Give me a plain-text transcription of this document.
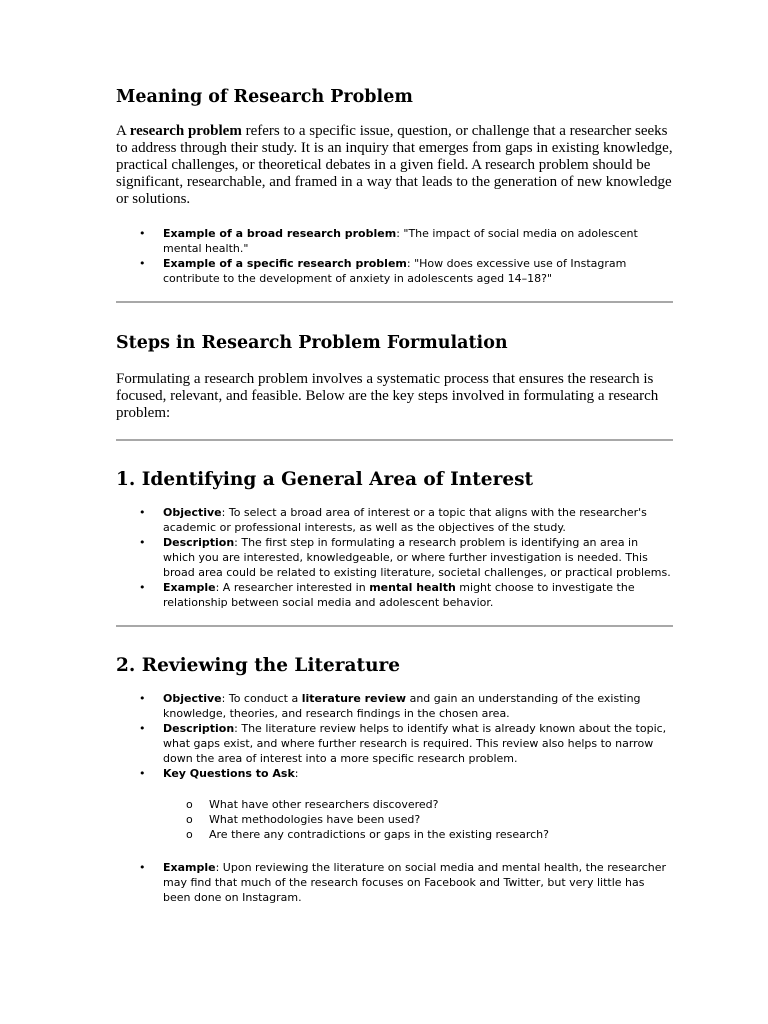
Meaning of Research Problem

A research problem refers to a specific issue, question, or challenge that a researcher seeks to address through their study. It is an inquiry that emerges from gaps in existing knowledge, practical challenges, or theoretical debates in a given field. A research problem should be significant, researchable, and framed in a way that leads to the generation of new knowledge or solutions.

• Example of a broad research problem: "The impact of social media on adolescent mental health."
• Example of a specific research problem: "How does excessive use of Instagram contribute to the development of anxiety in adolescents aged 14–18?"
Steps in Research Problem Formulation

Formulating a research problem involves a systematic process that ensures the research is focused, relevant, and feasible. Below are the key steps involved in formulating a research problem:

1. Identifying a General Area of Interest
• Objective: To select a broad area of interest or a topic that aligns with the researcher's academic or professional interests, as well as the objectives of the study.
• Description: The first step in formulating a research problem is identifying an area in which you are interested, knowledgeable, or where further investigation is needed. This broad area could be related to existing literature, societal challenges, or practical problems.
• Example: A researcher interested in mental health might choose to investigate the relationship between social media and adolescent behavior.
2. Reviewing the Literature
• Objective: To conduct a literature review and gain an understanding of the existing knowledge, theories, and research findings in the chosen area.
• Description: The literature review helps to identify what is already known about the topic, what gaps exist, and where further research is required. This review also helps to narrow down the area of interest into a more specific research problem.
• Key Questions to Ask:
o What have other researchers discovered?
o What methodologies have been used?
o Are there any contradictions or gaps in the existing research?
• Example: Upon reviewing the literature on social media and mental health, the researcher may find that much of the research focuses on Facebook and Twitter, but very little has been done on Instagram.
